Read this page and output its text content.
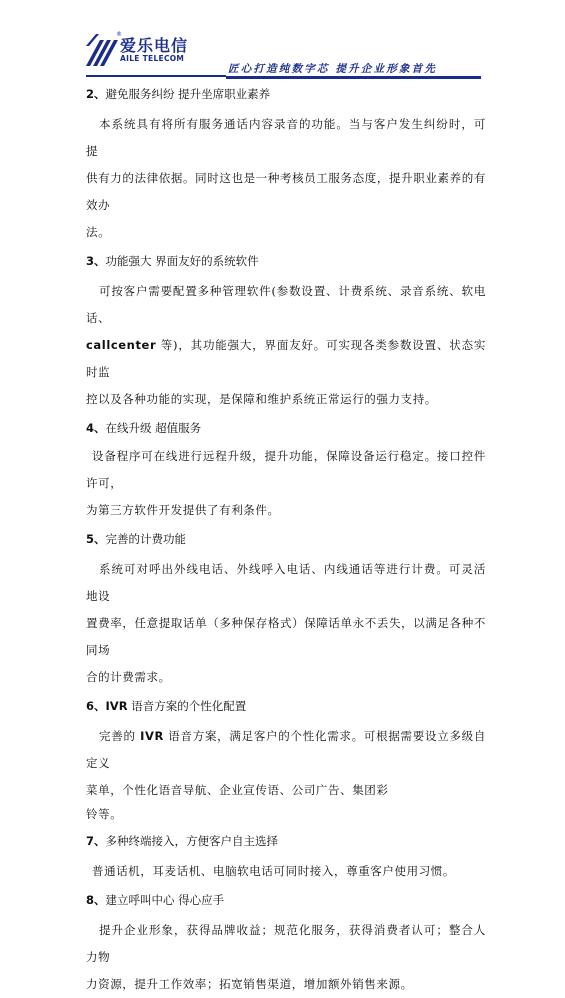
®
爱乐电信
AILE TELECOM
匠心打造纯数字芯 提升企业形象首先
2、避免服务纠纷 提升坐席职业素养
本系统具有将所有服务通话内容录音的功能。当与客户发生纠纷时，可提
供有力的法律依据。同时这也是一种考核员工服务态度，提升职业素养的有效办
法。
3、功能强大 界面友好的系统软件
可按客户需要配置多种管理软件(参数设置、计费系统、录音系统、软电话、
callcenter 等)，其功能强大，界面友好。可实现各类参数设置、状态实时监
控以及各种功能的实现，是保障和维护系统正常运行的强力支持。
4、在线升级 超值服务
设备程序可在线进行远程升级，提升功能，保障设备运行稳定。接口控件许可，
为第三方软件开发提供了有利条件。
5、完善的计费功能
系统可对呼出外线电话、外线呼入电话、内线通话等进行计费。可灵活地设
置费率，任意提取话单（多种保存格式）保障话单永不丢失，以满足各种不同场
合的计费需求。
6、IVR 语音方案的个性化配置
完善的 IVR 语音方案，满足客户的个性化需求。可根据需要设立多级自定义
菜单，个性化语音导航、企业宣传语、公司广告、集团彩
铃等。
7、多种终端接入，方便客户自主选择
普通话机，耳麦话机、电脑软电话可同时接入，尊重客户使用习惯。
8、建立呼叫中心 得心应手
提升企业形象，获得品牌收益；规范化服务，获得消费者认可；整合人力物
力资源，提升工作效率；拓宽销售渠道，增加额外销售来源。
